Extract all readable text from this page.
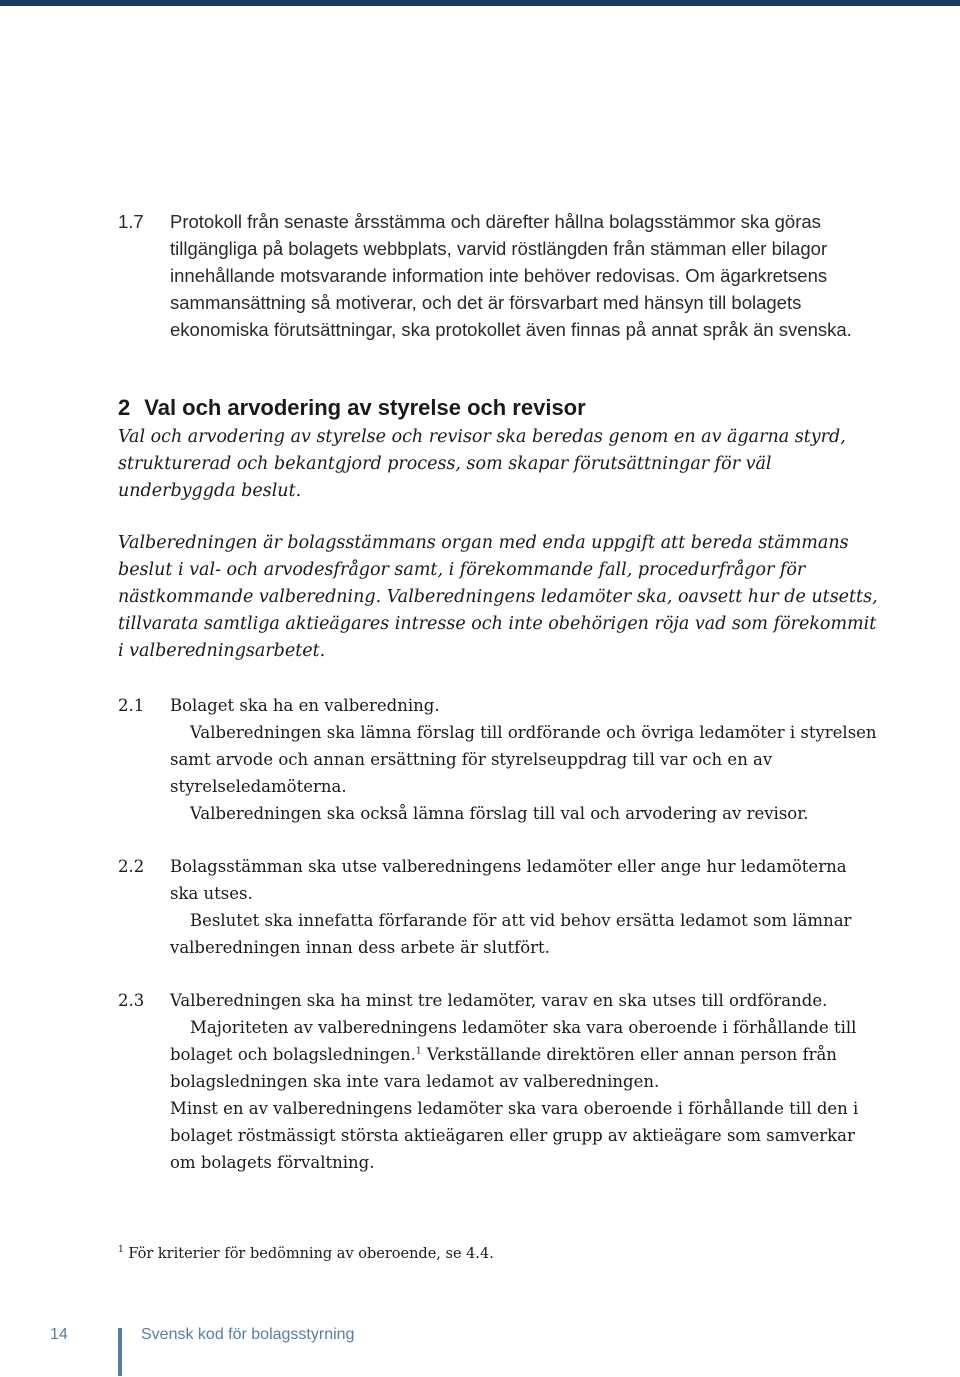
1.7	Protokoll från senaste årsstämma och därefter hållna bolagsstämmor ska göras tillgängliga på bolagets webbplats, varvid röstlängden från stämman eller bilagor innehållande motsvarande information inte behöver redovisas. Om ägarkretsens sammansättning så motiverar, och det är försvarbart med hänsyn till bolagets ekonomiska förutsättningar, ska protokollet även finnas på annat språk än svenska.

2 Val och arvodering av styrelse och revisor

Val och arvodering av styrelse och revisor ska beredas genom en av ägarna styrd, strukturerad och bekantgjord process, som skapar förutsättningar för väl underbyggda beslut.

Valberedningen är bolagsstämmans organ med enda uppgift att bereda stämmans beslut i val- och arvodesfrågor samt, i förekommande fall, procedurfrågor för nästkommande valberedning. Valberedningens ledamöter ska, oavsett hur de utsetts, tillvarata samtliga aktieägares intresse och inte obehörigen röja vad som förekommit i valberedningsarbetet.

2.1	Bolaget ska ha en valberedning.

Valberedningen ska lämna förslag till ordförande och övriga ledamöter i styrelsen samt arvode och annan ersättning för styrelseuppdrag till var och en av styrelseledamöterna.

Valberedningen ska också lämna förslag till val och arvodering av revisor.

2.2	Bolagsstämman ska utse valberedningens ledamöter eller ange hur ledamöterna ska utses.

Beslutet ska innefatta förfarande för att vid behov ersätta ledamot som lämnar valberedningen innan dess arbete är slutfört.

2.3	Valberedningen ska ha minst tre ledamöter, varav en ska utses till ordförande.

Majoriteten av valberedningens ledamöter ska vara oberoende i förhållande till bolaget och bolagsledningen.$^1$ Verkställande direktören eller annan person från bolagsledningen ska inte vara ledamot av valberedningen.

Minst en av valberedningens ledamöter ska vara oberoende i förhållande till den i bolaget röstmässigt största aktieägaren eller grupp av aktieägare som samverkar om bolagets förvaltning.

$^1$ För kriterier för bedömning av oberoende, se 4.4.
14	Svensk kod för bolagsstyrning
